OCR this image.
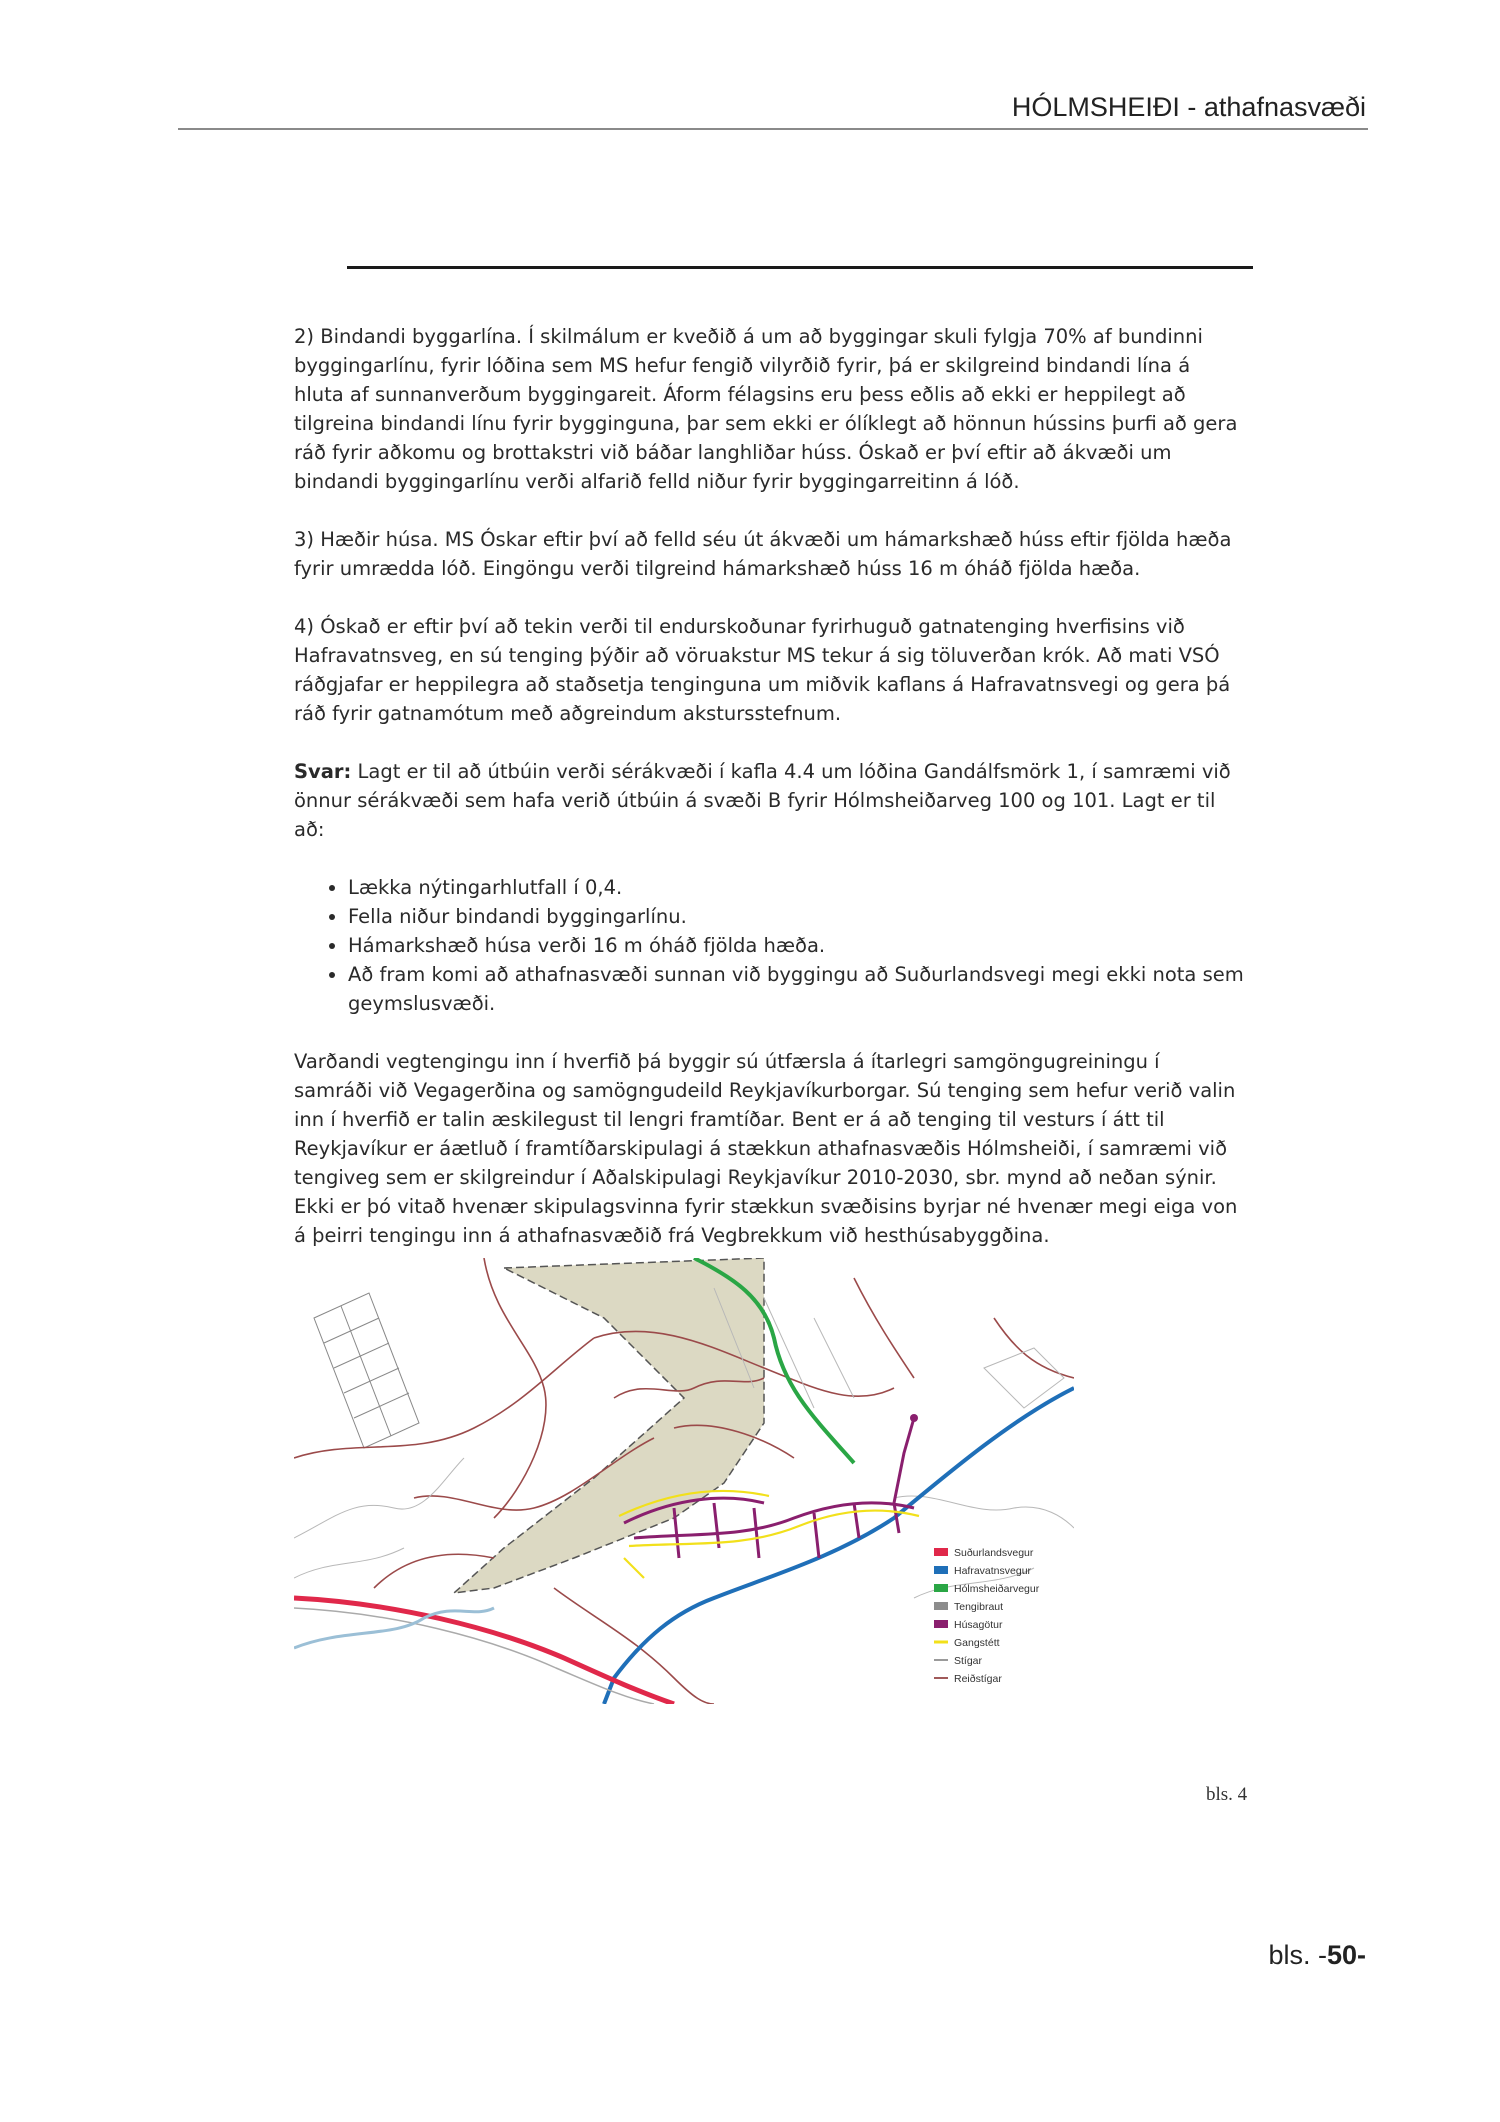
HÓLMSHEIÐI - athafnasvæði

2) Bindandi byggarlína. Í skilmálum er kveðið á um að byggingar skuli fylgja 70% af bundinni byggingarlínu, fyrir lóðina sem MS hefur fengið vilyrðið fyrir, þá er skilgreind bindandi lína á hluta af sunnanverðum byggingareit. Áform félagsins eru þess eðlis að ekki er heppilegt að tilgreina bindandi línu fyrir bygginguna, þar sem ekki er ólíklegt að hönnun hússins þurfi að gera ráð fyrir aðkomu og brottakstri við báðar langhliðar húss. Óskað er því eftir að ákvæði um bindandi byggingarlínu verði alfarið felld niður fyrir byggingarreitinn á lóð.

3) Hæðir húsa. MS Óskar eftir því að felld séu út ákvæði um hámarkshæð húss eftir fjölda hæða fyrir umrædda lóð. Eingöngu verði tilgreind hámarkshæð húss 16 m óháð fjölda hæða.

4) Óskað er eftir því að tekin verði til endurskoðunar fyrirhuguð gatnatenging hverfisins við Hafravatnsveg, en sú tenging þýðir að vöruakstur MS tekur á sig töluverðan krók. Að mati VSÓ ráðgjafar er heppilegra að staðsetja tenginguna um miðvik kaflans á Hafravatnsvegi og gera þá ráð fyrir gatnamótum með aðgreindum akstursstefnum.

Svar: Lagt er til að útbúin verði sérákvæði í kafla 4.4 um lóðina Gandálfsmörk 1, í samræmi við önnur sérákvæði sem hafa verið útbúin á svæði B fyrir Hólmsheiðarveg 100 og 101. Lagt er til að:

• Lækka nýtingarhlutfall í 0,4.
• Fella niður bindandi byggingarlínu.
• Hámarkshæð húsa verði 16 m óháð fjölda hæða.
• Að fram komi að athafnasvæði sunnan við byggingu að Suðurlandsvegi megi ekki nota sem geymslusvæði.

Varðandi vegtengingu inn í hverfið þá byggir sú útfærsla á ítarlegri samgöngugreiningu í samráði við Vegagerðina og samögngudeild Reykjavíkurborgar. Sú tenging sem hefur verið valin inn í hverfið er talin æskilegust til lengri framtíðar. Bent er á að tenging til vesturs í átt til Reykjavíkur er áætluð í framtíðarskipulagi á stækkun athafnasvæðis Hólmsheiði, í samræmi við tengiveg sem er skilgreindur í Aðalskipulagi Reykjavíkur 2010-2030, sbr. mynd að neðan sýnir. Ekki er þó vitað hvenær skipulagsvinna fyrir stækkun svæðisins byrjar né hvenær megi eiga von á þeirri tengingu inn á athafnasvæðið frá Vegbrekkum við hesthúsabyggðina.

Suðurlandsvegur
Hafravatnsvegur
Hólmsheiðarvegur
Tengibraut
Húsagötur
Gangstétt
Stígar
Reiðstígar
bls. 4
bls. -50-
